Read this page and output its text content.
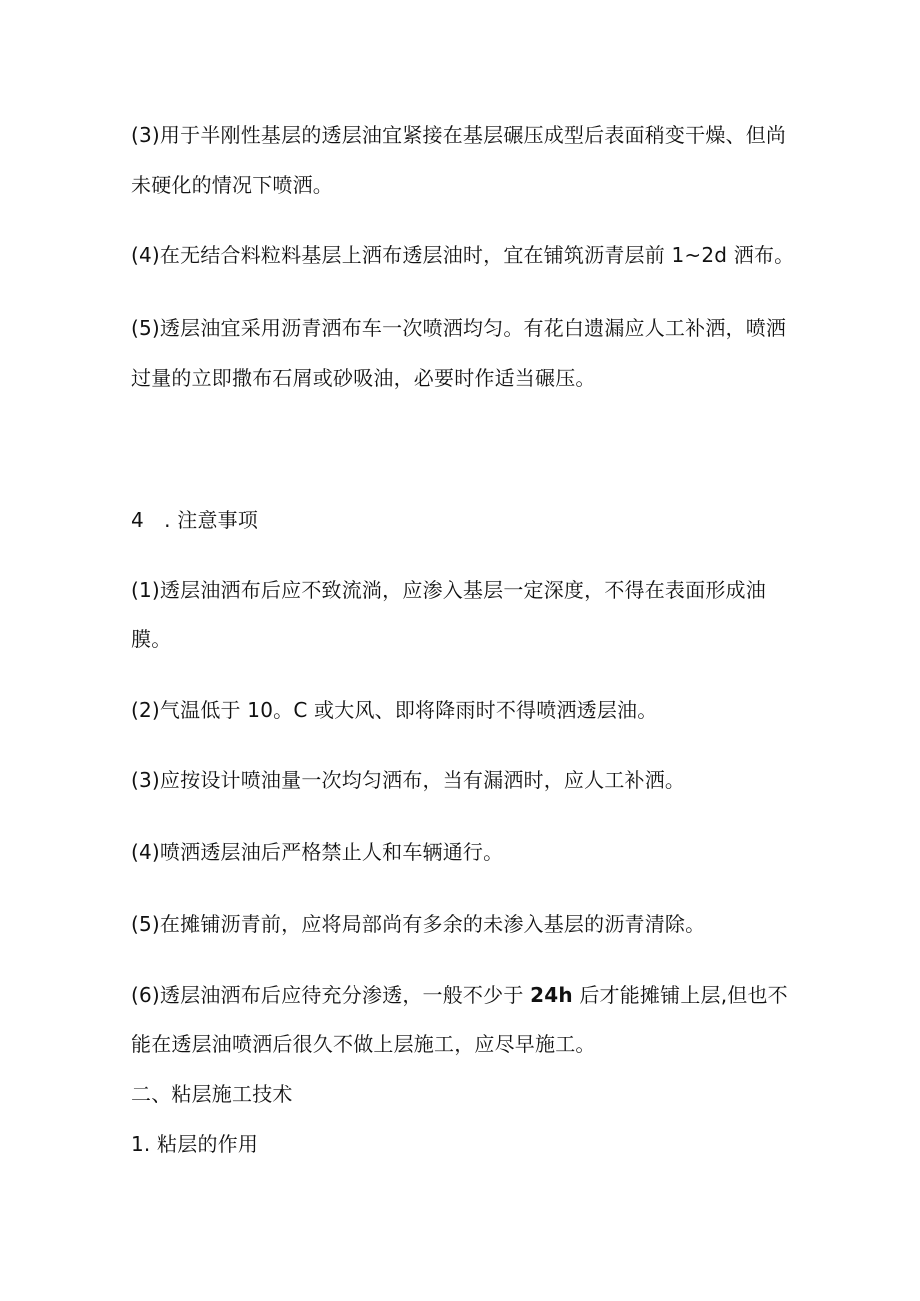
(3)用于半刚性基层的透层油宜紧接在基层碾压成型后表面稍变干燥、但尚
未硬化的情况下喷洒。
(4)在无结合料粒料基层上洒布透层油时，宜在铺筑沥青层前 1~2d 洒布。
(5)透层油宜采用沥青洒布车一次喷洒均匀。有花白遗漏应人工补洒，喷洒
过量的立即撒布石屑或砂吸油，必要时作适当碾压。
4　. 注意事项
(1)透层油洒布后应不致流淌，应渗入基层一定深度，不得在表面形成油
膜。
(2)气温低于 10。C 或大风、即将降雨时不得喷洒透层油。
(3)应按设计喷油量一次均匀洒布，当有漏洒时，应人工补洒。
(4)喷洒透层油后严格禁止人和车辆通行。
(5)在摊铺沥青前，应将局部尚有多余的未渗入基层的沥青清除。
(6)透层油洒布后应待充分渗透，一般不少于 24h 后才能摊铺上层,但也不
能在透层油喷洒后很久不做上层施工，应尽早施工。
二、粘层施工技术
1. 粘层的作用
